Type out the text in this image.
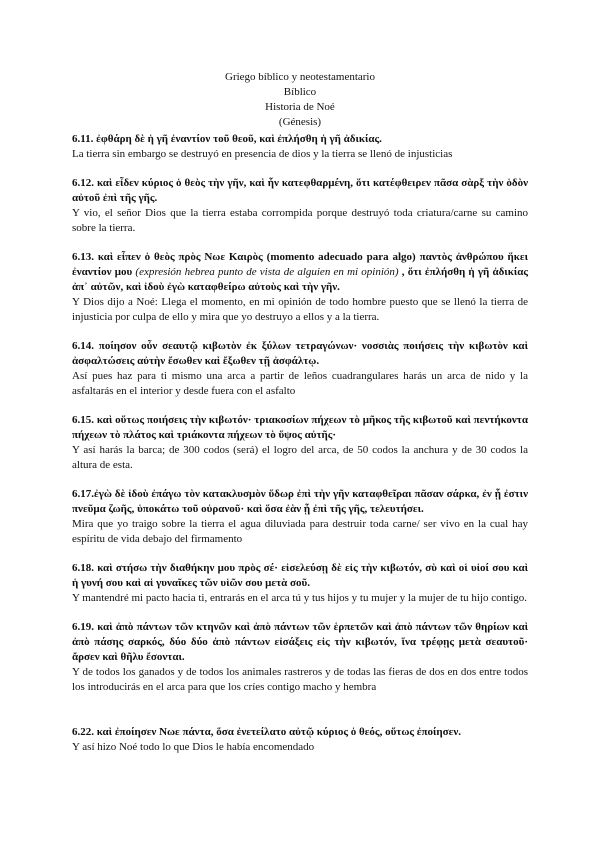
Griego bíblico y neotestamentario
Bíblico
Historia de Noé
(Génesis)
6.11. ἐφθάρη δὲ ἡ γῆ ἐναντίον τοῦ θεοῦ, καὶ ἐπλήσθη ἡ γῆ ἀδικίας.
La tierra sin embargo se destruyó en presencia de dios y la tierra se llenó de injusticias
6.12. καὶ εἶδεν κύριος ὁ θεὸς τὴν γῆν, καὶ ἦν κατεφθαρμένη, ὅτι κατέφθειρεν πᾶσα σὰρξ τὴν ὁδὸν αὐτοῦ ἐπὶ τῆς γῆς.
Y vio, el señor Dios que la tierra estaba corrompida porque destruyó toda criatura/carne su camino sobre la tierra.
6.13. καὶ εἶπεν ὁ θεὸς πρὸς Νωε Καιρὸς (momento adecuado para algo) παντὸς ἀνθρώπου ἥκει ἐναντίον μου (expresión hebrea punto de vista de alguien en mi opinión) , ὅτι ἐπλήσθη ἡ γῆ ἀδικίας ἀπ᾽ αὐτῶν, καὶ ἰδοὺ ἐγὼ καταφθείρω αὐτοὺς καὶ τὴν γῆν.
Y Dios dijo a Noé: Llega el momento, en mi opinión de todo hombre puesto que se llenó la tierra de injusticia por culpa de ello y mira que yo destruyo a ellos y a la tierra.
6.14. ποίησον οὖν σεαυτῷ κιβωτὸν ἐκ ξύλων τετραγώνων· νοσσιὰς ποιήσεις τὴν κιβωτὸν καὶ ἀσφαλτώσεις αὐτὴν ἔσωθεν καὶ ἔξωθεν τῇ ἀσφάλτῳ.
Así pues haz para ti mismo una arca a partir de leños cuadrangulares harás un arca de nido y la asfaltarás en el interior y desde fuera con el asfalto
6.15. καὶ οὕτως ποιήσεις τὴν κιβωτόν· τριακοσίων πήχεων τὸ μῆκος τῆς κιβωτοῦ καὶ πεντήκοντα πήχεων τὸ πλάτος καὶ τριάκοντα πήχεων τὸ ὕψος αὐτῆς·
Y así harás la barca; de 300 codos (será) el logro del arca, de 50 codos la anchura y de 30 codos la altura de esta.
6.17.ἐγὼ δὲ ἰδοὺ ἐπάγω τὸν κατακλυσμὸν ὕδωρ ἐπὶ τὴν γῆν καταφθεῖραι πᾶσαν σάρκα, ἐν ᾗ ἐστιν πνεῦμα ζωῆς, ὑποκάτω τοῦ οὐρανοῦ· καὶ ὅσα ἐὰν ᾖ ἐπὶ τῆς γῆς, τελευτήσει.
Mira que yo traigo sobre la tierra el agua diluviada para destruir toda carne/ ser vivo en la cual hay espíritu de vida debajo del firmamento
6.18. καὶ στήσω τὴν διαθήκην μου πρὸς σέ· εἰσελεύσῃ δὲ εἰς τὴν κιβωτόν, σὺ καὶ οἱ υἱοί σου καὶ ἡ γυνή σου καὶ αἱ γυναῖκες τῶν υἱῶν σου μετὰ σοῦ.
Y mantendré mi pacto hacia ti, entrarás en el arca tú y tus hijos y tu mujer y la mujer de tu hijo contigo.
6.19. καὶ ἀπὸ πάντων τῶν κτηνῶν καὶ ἀπὸ πάντων τῶν ἑρπετῶν καὶ ἀπὸ πάντων τῶν θηρίων καὶ ἀπὸ πάσης σαρκός, δύο δύο ἀπὸ πάντων εἰσάξεις εἰς τὴν κιβωτόν, ἵνα τρέφῃς μετὰ σεαυτοῦ· ἄρσεν καὶ θῆλυ ἔσονται.
Y de todos los ganados y de todos los animales rastreros y de todas las fieras de dos en dos entre todos los introducirás en el arca para que los críes contigo macho y hembra
6.22. καὶ ἐποίησεν Νωε πάντα, ὅσα ἐνετείλατο αὐτῷ κύριος ὁ θεός, οὕτως ἐποίησεν.
Y así hizo Noé todo lo que Dios le había encomendado
